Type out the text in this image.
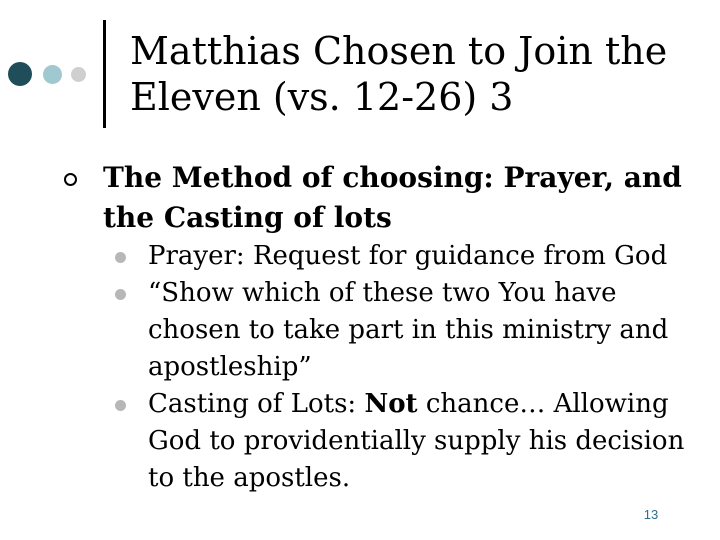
Matthias Chosen to Join the Eleven (vs. 12-26) 3
The Method of choosing: Prayer, and the Casting of lots
Prayer: Request for guidance from God
“Show which of these two You have chosen to take part in this ministry and apostleship”
Casting of Lots: Not chance… Allowing God to providentially supply his decision to the apostles.
13
